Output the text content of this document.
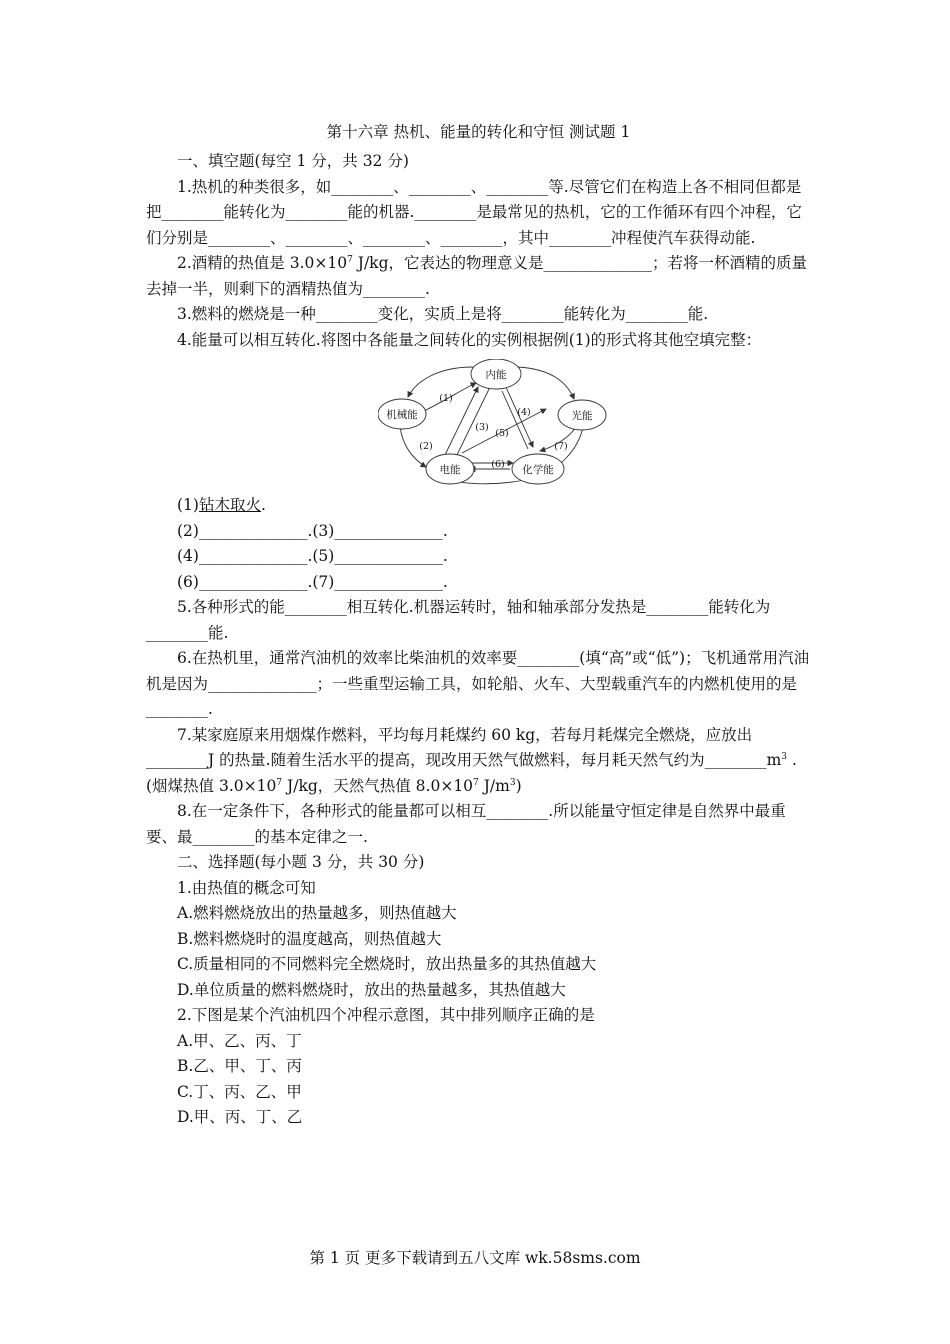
第十六章 热机、能量的转化和守恒 测试题 1

一、填空题(每空 1 分，共 32 分)

1.热机的种类很多，如________、________、________等.尽管它们在构造上各不相同但都是把________能转化为________能的机器.________是最常见的热机，它的工作循环有四个冲程，它们分别是________、________、________、________，其中________冲程使汽车获得动能.

2.酒精的热值是 $3.0\times 10^7$ J/kg，它表达的物理意义是______________；若将一杯酒精的质量去掉一半，则剩下的酒精热值为________.

3.燃料的燃烧是一种________变化，实质上是将________能转化为________能.

4.能量可以相互转化.将图中各能量之间转化的实例根据例(1)的形式将其他空填完整：

内能
机械能	光能
电能	化学能
(1)
(2)
(3)
(4)
(5)
(6)
(7)

(1)钻木取火.

(2)______________.(3)______________.

(4)______________.(5)______________.

(6)______________.(7)______________.

5.各种形式的能________相互转化.机器运转时，轴和轴承部分发热是________能转化为________能.

6.在热机里，通常汽油机的效率比柴油机的效率要________(填“高”或“低”)；飞机通常用汽油机是因为______________；一些重型运输工具，如轮船、火车、大型载重汽车的内燃机使用的是________.

7.某家庭原来用烟煤作燃料，平均每月耗煤约 60 kg，若每月耗煤完全燃烧，应放出________J 的热量.随着生活水平的提高，现改用天然气做燃料，每月耗天然气约为$\_\_\_\_\_\_\_\_m^3$ .(烟煤热值 $3.0\times 10^7$ J/kg，天然气热值 $8.0\times 10^7$ $J/m^3$)

8.在一定条件下，各种形式的能量都可以相互________.所以能量守恒定律是自然界中最重要、最________的基本定律之一.

二、选择题(每小题 3 分，共 30 分)

1.由热值的概念可知

A.燃料燃烧放出的热量越多，则热值越大

B.燃料燃烧时的温度越高，则热值越大

C.质量相同的不同燃料完全燃烧时，放出热量多的其热值越大

D.单位质量的燃料燃烧时，放出的热量越多，其热值越大

2.下图是某个汽油机四个冲程示意图，其中排列顺序正确的是

A.甲、乙、丙、丁

B.乙、甲、丁、丙

C.丁、丙、乙、甲

D.甲、丙、丁、乙

第 1 页 更多下载请到五八文库 wk.58sms.com
